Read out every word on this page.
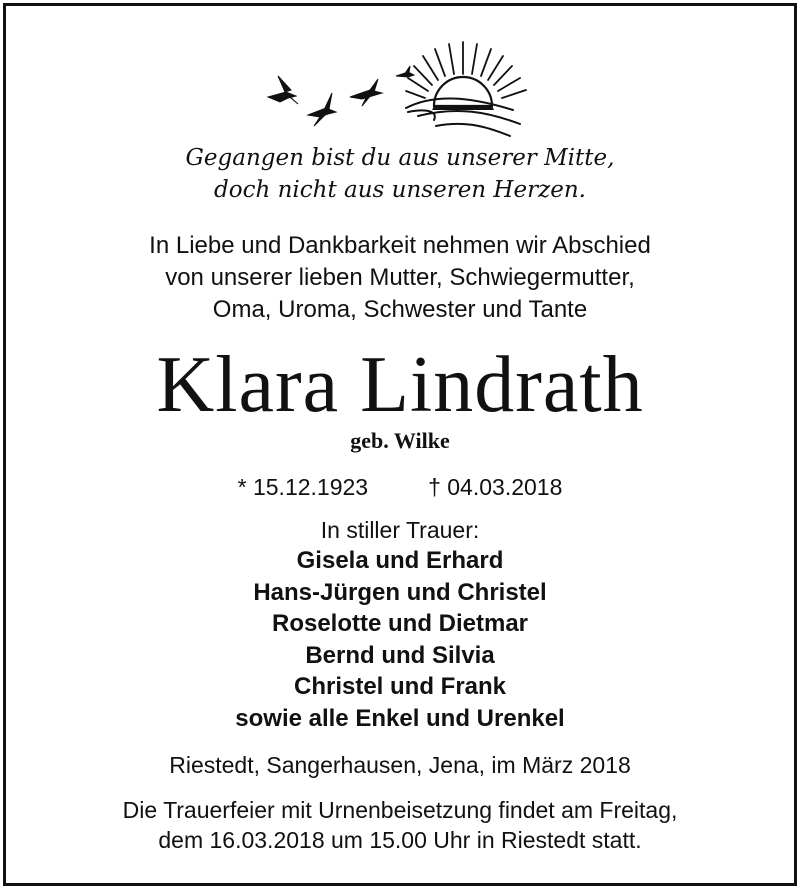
Gegangen bist du aus unserer Mitte,
doch nicht aus unseren Herzen.
In Liebe und Dankbarkeit nehmen wir Abschied
von unserer lieben Mutter, Schwiegermutter,
Oma, Uroma, Schwester und Tante
Klara Lindrath
geb. Wilke
* 15.12.1923	† 04.03.2018
In stiller Trauer:
Gisela und Erhard
Hans-Jürgen und Christel
Roselotte und Dietmar
Bernd und Silvia
Christel und Frank
sowie alle Enkel und Urenkel
Riestedt, Sangerhausen, Jena, im März 2018
Die Trauerfeier mit Urnenbeisetzung findet am Freitag,
dem 16.03.2018 um 15.00 Uhr in Riestedt statt.
